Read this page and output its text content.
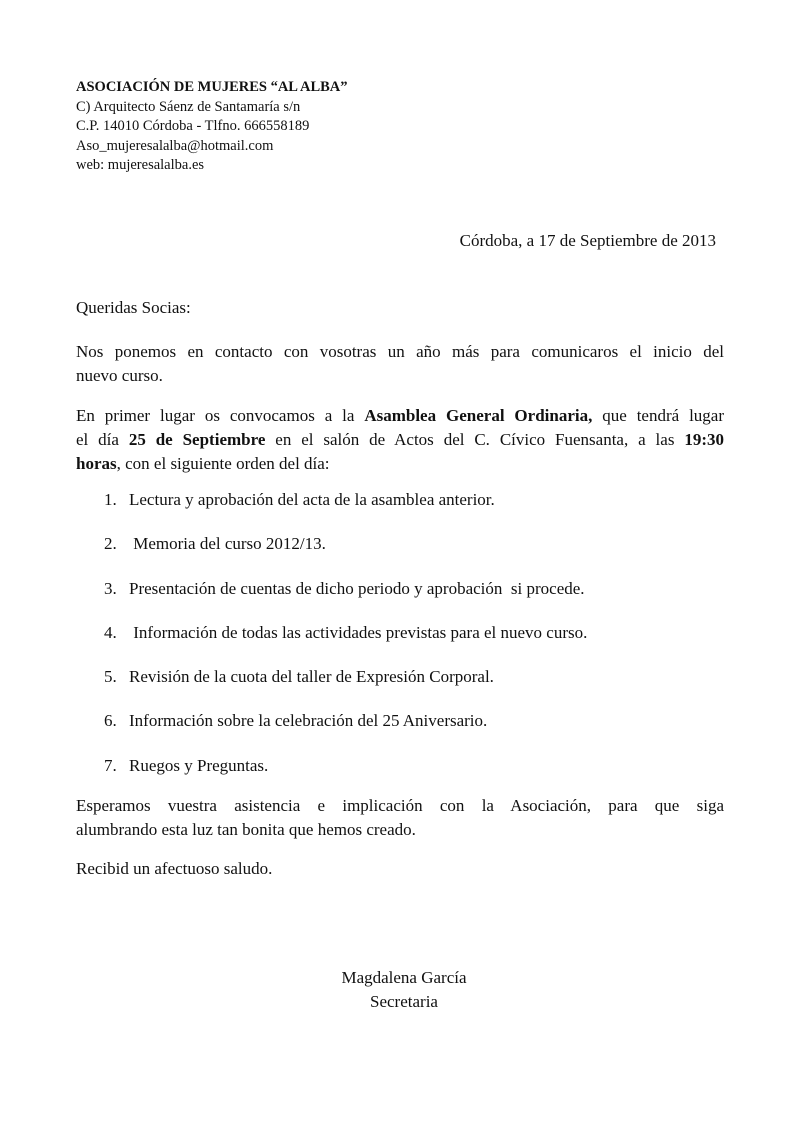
ASOCIACIÓN DE MUJERES “AL ALBA”
C) Arquitecto Sáenz de Santamaría s/n
C.P. 14010 Córdoba - Tlfno. 666558189
Aso_mujeresalalba@hotmail.com
web: mujeresalalba.es
Córdoba, a 17 de Septiembre de 2013
Queridas Socias:
Nos ponemos en contacto con vosotras un año más para comunicaros el inicio del
nuevo curso.
En primer lugar os convocamos a la Asamblea General Ordinaria, que tendrá lugar
el día 25 de Septiembre en el salón de Actos del C. Cívico Fuensanta, a las 19:30
horas, con el siguiente orden del día:
1. Lectura y aprobación del acta de la asamblea anterior.
2. Memoria del curso 2012/13.
3. Presentación de cuentas de dicho periodo y aprobación  si procede.
4. Información de todas las actividades previstas para el nuevo curso.
5. Revisión de la cuota del taller de Expresión Corporal.
6. Información sobre la celebración del 25 Aniversario.
7. Ruegos y Preguntas.
Esperamos vuestra asistencia e implicación con la Asociación, para que siga
alumbrando esta luz tan bonita que hemos creado.
Recibid un afectuoso saludo.
Magdalena García
Secretaria
